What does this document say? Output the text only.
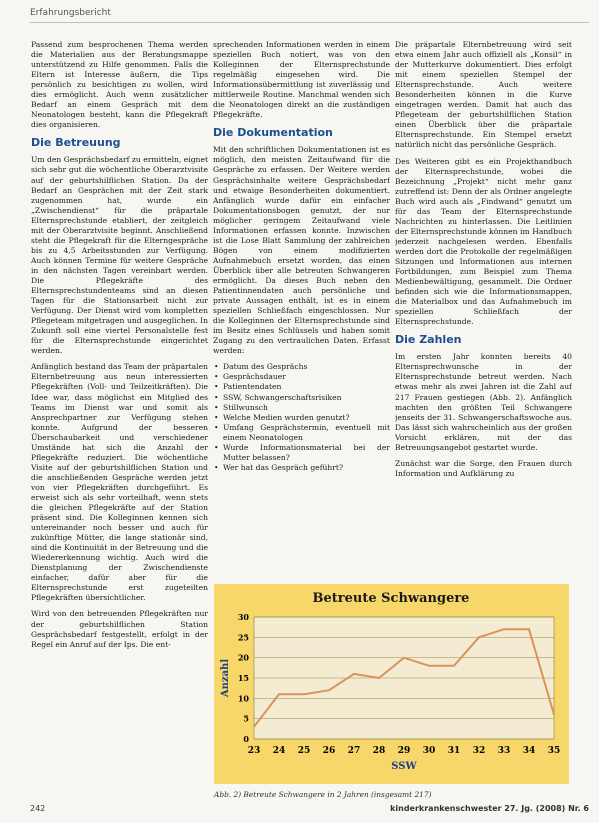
Erfahrungsbericht

Passend zum besprochenen Thema werden die Materialien aus der Beratungsmappe unterstützend zu Hilfe genommen. Falls die Eltern ist Interesse äußern, die Tips persönlich zu besichtigen zu wollen, wird dies ermöglicht. Auch wenn zusätzlicher Bedarf an einem Gespräch mit dem Neonatologen besteht, kann die Pflegekraft dies organisieren.

Die Betreuung

Um den Gesprächsbedarf zu ermitteln, eignet sich sehr gut die wöchentliche Oberarztvisite auf der geburtshilflichen Station. Da der Bedarf an Gesprächen mit der Zeit stark zugenommen hat, wurde ein „Zwischendienst“ für die präpartale Elternsprechstunde etabliert, der zeitgleich mit der Oberarztvisite beginnt. Anschließend steht die Pflegekraft für die Elterngespräche bis zu 4,5 Arbeitsstunden zur Verfügung. Auch können Termine für weitere Gespräche in den nächsten Tagen vereinbart werden. Die Pflegekräfte des Elternsprechstundenteams sind an diesen Tagen für die Stationsarbeit nicht zur Verfügung. Der Dienst wird vom kompletten Pflegeteam mitgetragen und ausgeglichen. In Zukunft soll eine viertel Personalstelle fest für die Elternsprechstunde eingerichtet werden.

Anfänglich bestand das Team der präpartalen Elternbetreuung aus neun interessierten Pflegekräften (Voll- und Teilzeitkräften). Die Idee war, dass möglichst ein Mitglied des Teams im Dienst war und somit als Ansprechpartner zur Verfügung stehen konnte. Aufgrund der besseren Überschaubarkeit und verschiedener Umstände hat sich die Anzahl der Pflegekräfte reduziert. Die wöchentliche Visite auf der geburtshilflichen Station und die anschließenden Gespräche werden jetzt von vier Pflegekräften durchgeführt. Es erweist sich als sehr vorteilhaft, wenn stets die gleichen Pflegekräfte auf der Station präsent sind. Die Kolleginnen kennen sich untereinander noch besser und auch für zukünftige Mütter, die lange stationär sind, sind die Kontinuität in der Betreuung und die Wiedererkennung wichtig. Auch wird die Dienstplanung der Zwischendienste einfacher, dafür aber für die Elternsprechstunde erst zugeteilten Pflegekräften übersichtlicher.

Wird von den betreuenden Pflegekräften nur der geburtshilflichen Station Gesprächsbedarf festgestellt, erfolgt in der Regel ein Anruf auf der Ips. Die ent-

sprechenden Informationen werden in einem speziellen Buch notiert, was von den Kolleginnen der Elternsprechstunde regelmäßig eingesehen wird. Die Informationsübermittlung ist zuverlässig und mittlerweile Routine. Manchmal wenden sich die Neonatologen direkt an die zuständigen Pflegekräfte.

Die Dokumentation

Mit den schriftlichen Dokumentationen ist es möglich, den meisten Zeitaufwand für die Gespräche zu erfassen. Der Weitere werden Gesprächsinhalte weitere Gesprächsbedarf und etwaige Besonderheiten dokumentiert. Anfänglich wurde dafür ein einfacher Dokumentationsbogen genutzt, der nur möglicher geringem Zeitaufwand viele Informationen erfassen konnte. Inzwischen ist die Lose Blatt Sammlung der zahlreichen Bögen von einem modifizierten Aufnahmebuch ersetzt worden, das einen Überblick über alle betreuten Schwangeren ermöglicht. Da dieses Buch neben den Patientinnendaten auch persönliche und private Aussagen enthält, ist es in einem speziellen Schließfach eingeschlossen. Nur die Kolleginnen der Elternsprechstunde sind im Besitz eines Schlüssels und haben somit Zugang zu den vertraulichen Daten. Erfasst werden:

• Datum des Gesprächs
• Gesprächsdauer
• Patientendaten
• SSW, Schwangerschaftsrisiken
• Stillwunsch
• Welche Medien wurden genutzt?
• Umfang Gesprächstermin, eventuell mit einem Neonatologen
• Wurde Informationsmaterial bei der Mutter belassen?
• Wer hat das Gespräch geführt?

Die präpartale Elternbetreuung wird seit etwa einem Jahr auch offiziell als „Konsil“ in der Mutterkurve dokumentiert. Dies erfolgt mit einem speziellen Stempel der Elternsprechstunde. Auch weitere Besonderheiten können in die Kurve eingetragen werden. Damit hat auch das Pflegeteam der geburtshilflichen Station einen Überblick über die präpartale Elternsprechstunde. Ein Stempel ersetzt natürlich nicht das persönliche Gespräch.

Des Weiteren gibt es ein Projekthandbuch der Elternsprechstunde, wobei die Bezeichnung „Projekt“ nicht mehr ganz zutreffend ist: Denn der als Ordner angelegte Buch wird auch als „Findwand“ genutzt um für das Team der Elternsprechstunde Nachrichten zu hinterlassen. Die Leitlinien der Elternsprechstunde können im Handbuch jederzeit nachgelesen werden. Ebenfalls werden dort die Protokolle der regelmäßigen Sitzungen und Informationen aus internen Fortbildungen, zum Beispiel zum Thema Medienbewältigung, gesammelt. Die Ordner befinden sich wie die Informationsmappen, die Materialbox und das Aufnahmebuch im speziellen Schließfach der Elternsprechstunde.

Die Zahlen

Im ersten Jahr konnten bereits 40 Elternsprechwunsche in der Elternsprechstunde betreut werden. Nach etwas mehr als zwei Jahren ist die Zahl auf 217 Frauen gestiegen (Abb. 2). Anfänglich machten den größten Teil Schwangere jenseits der 31. Schwangerschaftswoche aus. Das lässt sich wahrscheinlich aus der großen Vorsicht erklären, mit der das Betreuungsangebot gestartet wurde.

Zunächst war die Sorge, den Frauen durch Information und Aufklärung zu

Betreute Schwangere
0
5
10
15
20
25
30
23 24 25 26 27 28 29 30 31 32 33 34 35
Anzahl
SSW
Abb. 2) Betreute Schwangere in 2 Jahren (insgesamt 217)
242	kinderkrankenschwester 27. Jg. (2008) Nr. 6
